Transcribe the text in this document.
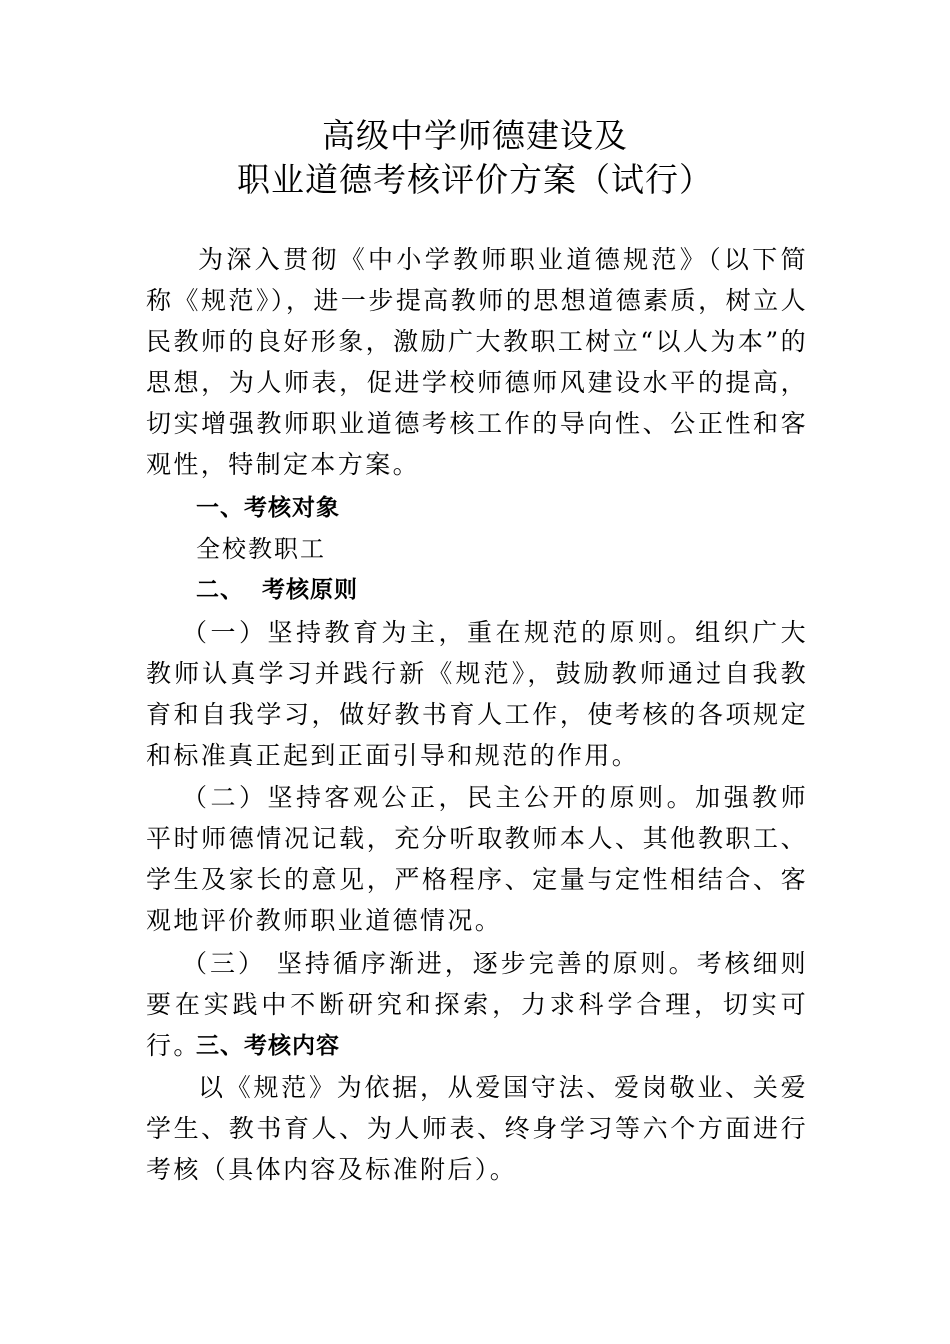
高级中学师德建设及
职业道德考核评价方案（试行）

为深入贯彻《中小学教师职业道德规范》（以下简称《规范》），进一步提高教师的思想道德素质，树立人民教师的良好形象，激励广大教职工树立“以人为本”的思想，为人师表，促进学校师德师风建设水平的提高，切实增强教师职业道德考核工作的导向性、公正性和客观性，特制定本方案。

一、考核对象

全校教职工

二、  考核原则

（一）坚持教育为主，重在规范的原则。组织广大教师认真学习并践行新《规范》，鼓励教师通过自我教育和自我学习，做好教书育人工作，使考核的各项规定和标准真正起到正面引导和规范的作用。

（二）坚持客观公正，民主公开的原则。加强教师平时师德情况记载，充分听取教师本人、其他教职工、学生及家长的意见，严格程序、定量与定性相结合、客观地评价教师职业道德情况。

（三） 坚持循序渐进，逐步完善的原则。考核细则要在实践中不断研究和探索，力求科学合理，切实可行。

三、考核内容

以《规范》为依据，从爱国守法、爱岗敬业、关爱学生、教书育人、为人师表、终身学习等六个方面进行考核（具体内容及标准附后）。
